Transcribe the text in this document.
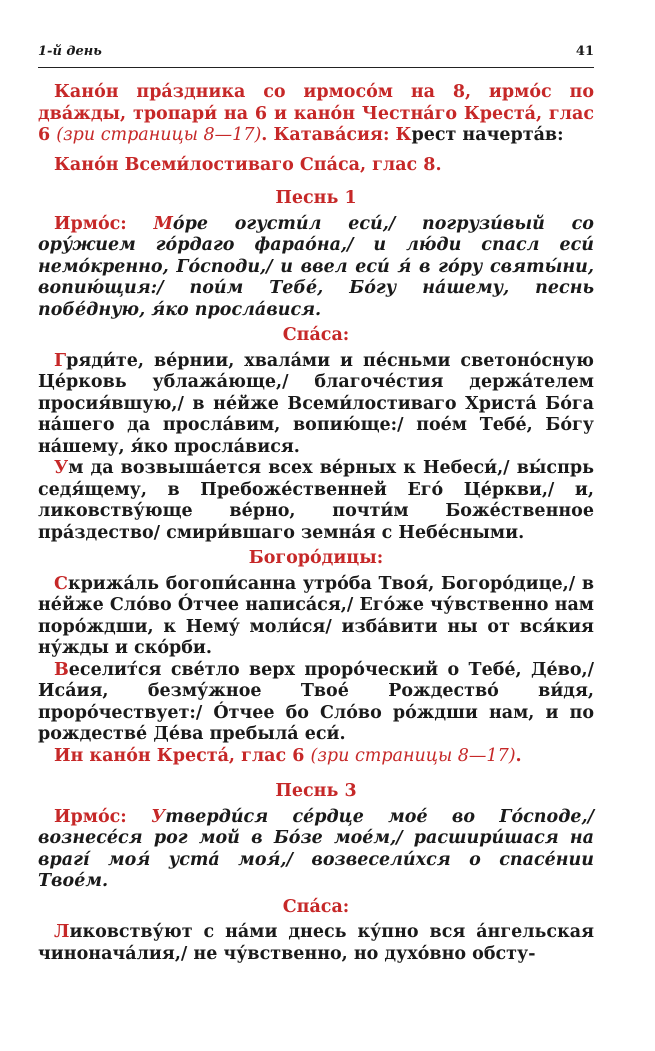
1-й день	41

Канóн прáздника со ирмосóм на 8, ирмóс по двáжды, тропари́ на 6 и канóн Честнáго Крестá, глас 6 (зри страницы 8—17). Катавáсия: Крест начертáв:

Канóн Всеми́лостиваго Спáса, глас 8.

Песнь 1

Ирмóс: Мóре огусти́л еси́,/ погрузи́вый со ору́жием гóрдаго фарaóна,/ и лю́ди спасл еси́ немóкренно, Гóсподи,/ и ввел еси́ я́ в гóру святы́ни, вопию́щия:/ пои́м Тебé, Бóгу нáшему, песнь побéдную, я́ко прослáвися.

Спáса:

Гряди́те, вéрнии, хвалáми и пéсньми светонóсную Цéрковь ублажáюще,/ благочéстия держáтелем просия́вшую,/ в нéйже Всеми́лостиваго Христá Бóга нáшего да прослáвим, вопию́ще:/ поéм Тебé, Бóгу нáшему, я́ко прослáвися.

Ум да возвыша́ется всех вéрных к Небеси́,/ вы́спрь седя́щему, в Пребожéственней Егó Цéркви,/ и, ликовству́юще вéрно, почти́м Божéственное прáздество/ смири́вшаго земна́я с Небéсными.

Богорóдицы:

Скрижáль богопи́санна утрóба Твоя́, Богорóдице,/ в нéйже Слóво Óтчее написáся,/ Егóже чу́вственно нам порóждши, к Нему́ моли́ся/ избáвити ны от вся́кия ну́жды и скóрби.

Веселит́ся свéтло верх прорóческий о Тебé, Дéво,/ Исáия, безму́жное Твоé Рождествó ви́дя, прорóчествует:/ Óтчее бо Слóво рóждши нам, и по рождествé Дéва пребыла́ еси́.

Ин канóн Крестá, глас 6 (зри страницы 8—17).

Песнь 3

Ирмóс: Утверди́ся сéрдце моé во Гóсподе,/ вознесéся рог мой в Бóзе моéм,/ расшири́шася на врагí моя́ устá моя́,/ возвесели́хся о спасéнии Твоéм.

Спáса:

Ликовству́ют с нáми днесь ку́пно вся áнгельская чиноначáлия,/ не чу́вственно, но духóвно обсту-
